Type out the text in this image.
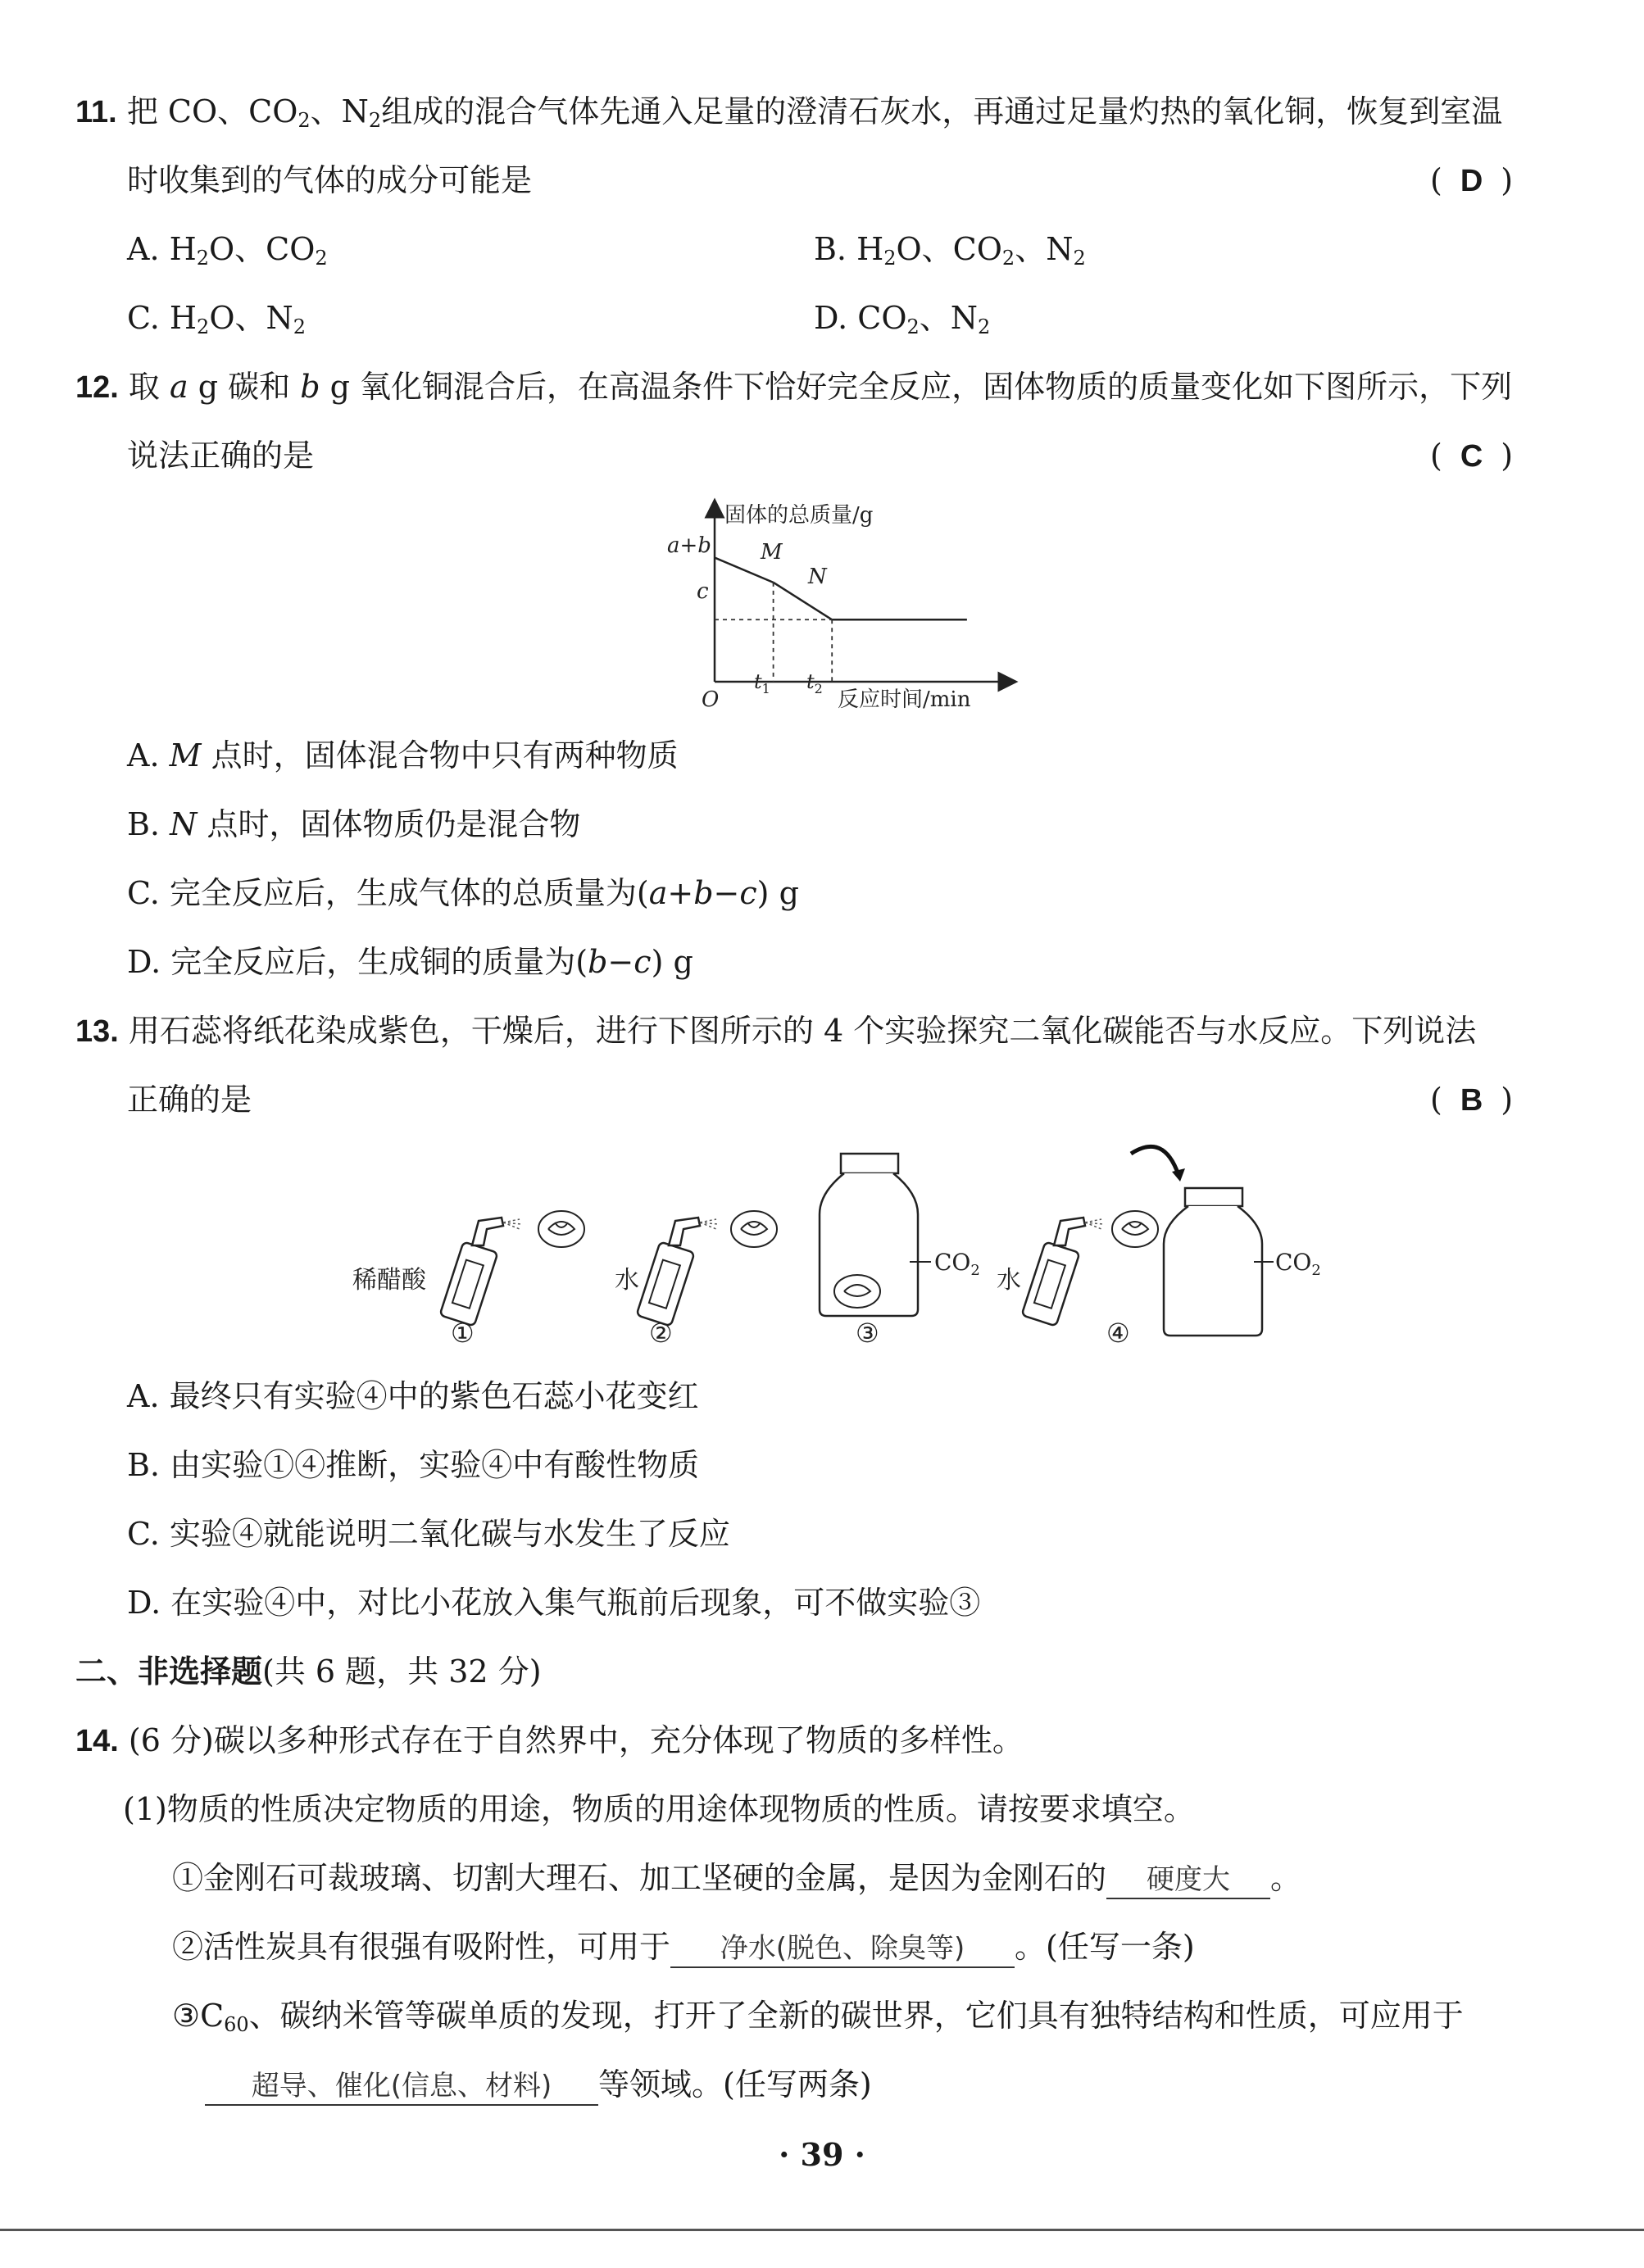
11. 把 CO、$CO_2$、$N_2$组成的混合气体先通入足量的澄清石灰水，再通过足量灼热的氧化铜，恢复到室温
时收集到的气体的成分可能是	( D )
A. $H_2O$、$CO_2$	B. $H_2O$、$CO_2$、$N_2$
C. $H_2O$、$N_2$	D. $CO_2$、$N_2$
12. 取 a g 碳和 b g 氧化铜混合后，在高温条件下恰好完全反应，固体物质的质量变化如下图所示，下列
说法正确的是	( C )
固体的总质量/g
反应时间/min
O
a+b
c
$t_1$ $t_2$
M
N
A. M 点时，固体混合物中只有两种物质
B. N 点时，固体物质仍是混合物
C. 完全反应后，生成气体的总质量为(a+b−c) g
D. 完全反应后，生成铜的质量为(b−c) g
13. 用石蕊将纸花染成紫色，干燥后，进行下图所示的 4 个实验探究二氧化碳能否与水反应。下列说法
正确的是	( B )
稀醋酸
①
水
②
$CO_2$
③
水
$CO_2$
④
A. 最终只有实验④中的紫色石蕊小花变红
B. 由实验①④推断，实验④中有酸性物质
C. 实验④就能说明二氧化碳与水发生了反应
D. 在实验④中，对比小花放入集气瓶前后现象，可不做实验③
二、非选择题(共 6 题，共 32 分)
14. (6 分)碳以多种形式存在于自然界中，充分体现了物质的多样性。
(1)物质的性质决定物质的用途，物质的用途体现物质的性质。请按要求填空。
①金刚石可裁玻璃、切割大理石、加工坚硬的金属，是因为金刚石的 硬度大 。
②活性炭具有很强有吸附性，可用于 净水(脱色、除臭等) 。(任写一条)
$③C_{60}$、碳纳米管等碳单质的发现，打开了全新的碳世界，它们具有独特结构和性质，可应用于
超导、催化(信息、材料) 等领域。(任写两条)
· 39 ·
